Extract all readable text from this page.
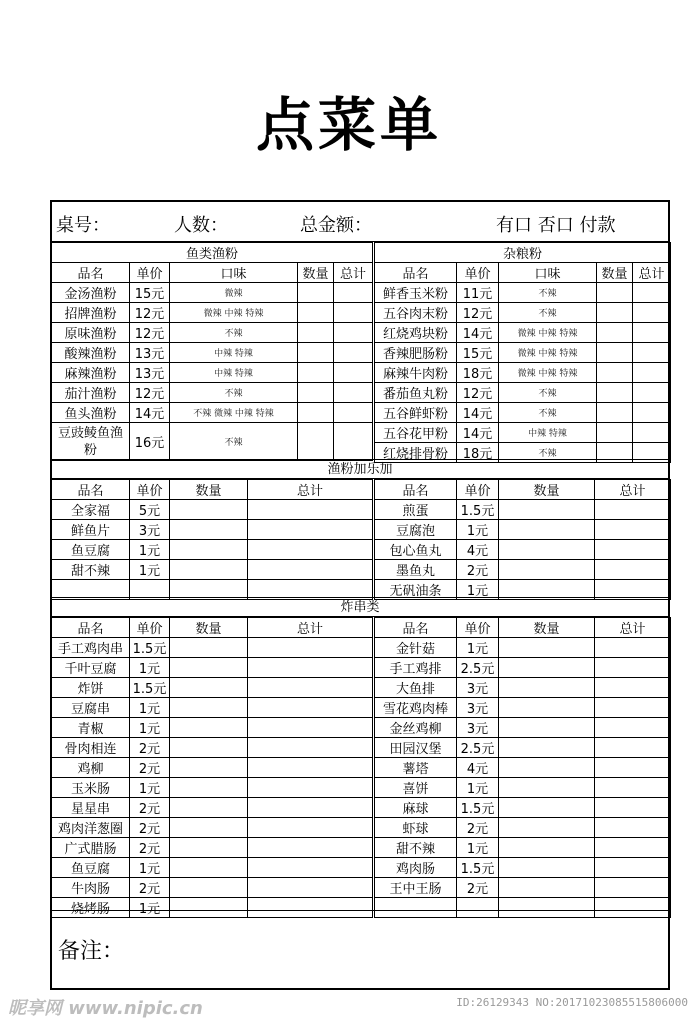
点菜单
桌号：	人数：	总金额：	有口 否口 付款
鱼类渔粉				
品名	单价	口味	数量	总计
金汤渔粉	15元	微辣		
招牌渔粉	12元	微辣 中辣 特辣		
原味渔粉	12元	不辣		
酸辣渔粉	13元	中辣 特辣		
麻辣渔粉	13元	中辣 特辣		
茄汁渔粉	12元	不辣		
鱼头渔粉	14元	不辣 微辣 中辣 特辣		
豆豉鲮鱼渔粉	16元	不辣		
杂粮粉				
品名	单价	口味	数量	总计
鲜香玉米粉	11元	不辣		
五谷肉末粉	12元	不辣		
红烧鸡块粉	14元	微辣 中辣 特辣		
香辣肥肠粉	15元	微辣 中辣 特辣		
麻辣牛肉粉	18元	微辣 中辣 特辣		
番茄鱼丸粉	12元	不辣		
五谷鲜虾粉	14元	不辣		
五谷花甲粉	14元	中辣 特辣		
红烧排骨粉	18元	不辣		
渔粉加乐加
品名	单价	数量	总计
全家福	5元		
鲜鱼片	3元		
鱼豆腐	1元		
甜不辣	1元		

品名	单价	数量	总计
煎蛋	1.5元		
豆腐泡	1元		
包心鱼丸	4元		
墨鱼丸	2元		
无矾油条	1元		
炸串类
品名	单价	数量	总计
手工鸡肉串	1.5元		
千叶豆腐	1元		
炸饼	1.5元		
豆腐串	1元		
青椒	1元		
骨肉相连	2元		
鸡柳	2元		
玉米肠	1元		
星星串	2元		
鸡肉洋葱圈	2元		
广式腊肠	2元		
鱼豆腐	1元		
牛肉肠	2元		
烧烤肠	1元		
品名	单价	数量	总计
金针菇	1元		
手工鸡排	2.5元		
大鱼排	3元		
雪花鸡肉棒	3元		
金丝鸡柳	3元		
田园汉堡	2.5元		
薯塔	4元		
喜饼	1元		
麻球	1.5元		
虾球	2元		
甜不辣	1元		
鸡肉肠	1.5元		
王中王肠	2元		

备注：
昵享网 www.nipic.cn	ID:26129343 NO:20171023085515806000
